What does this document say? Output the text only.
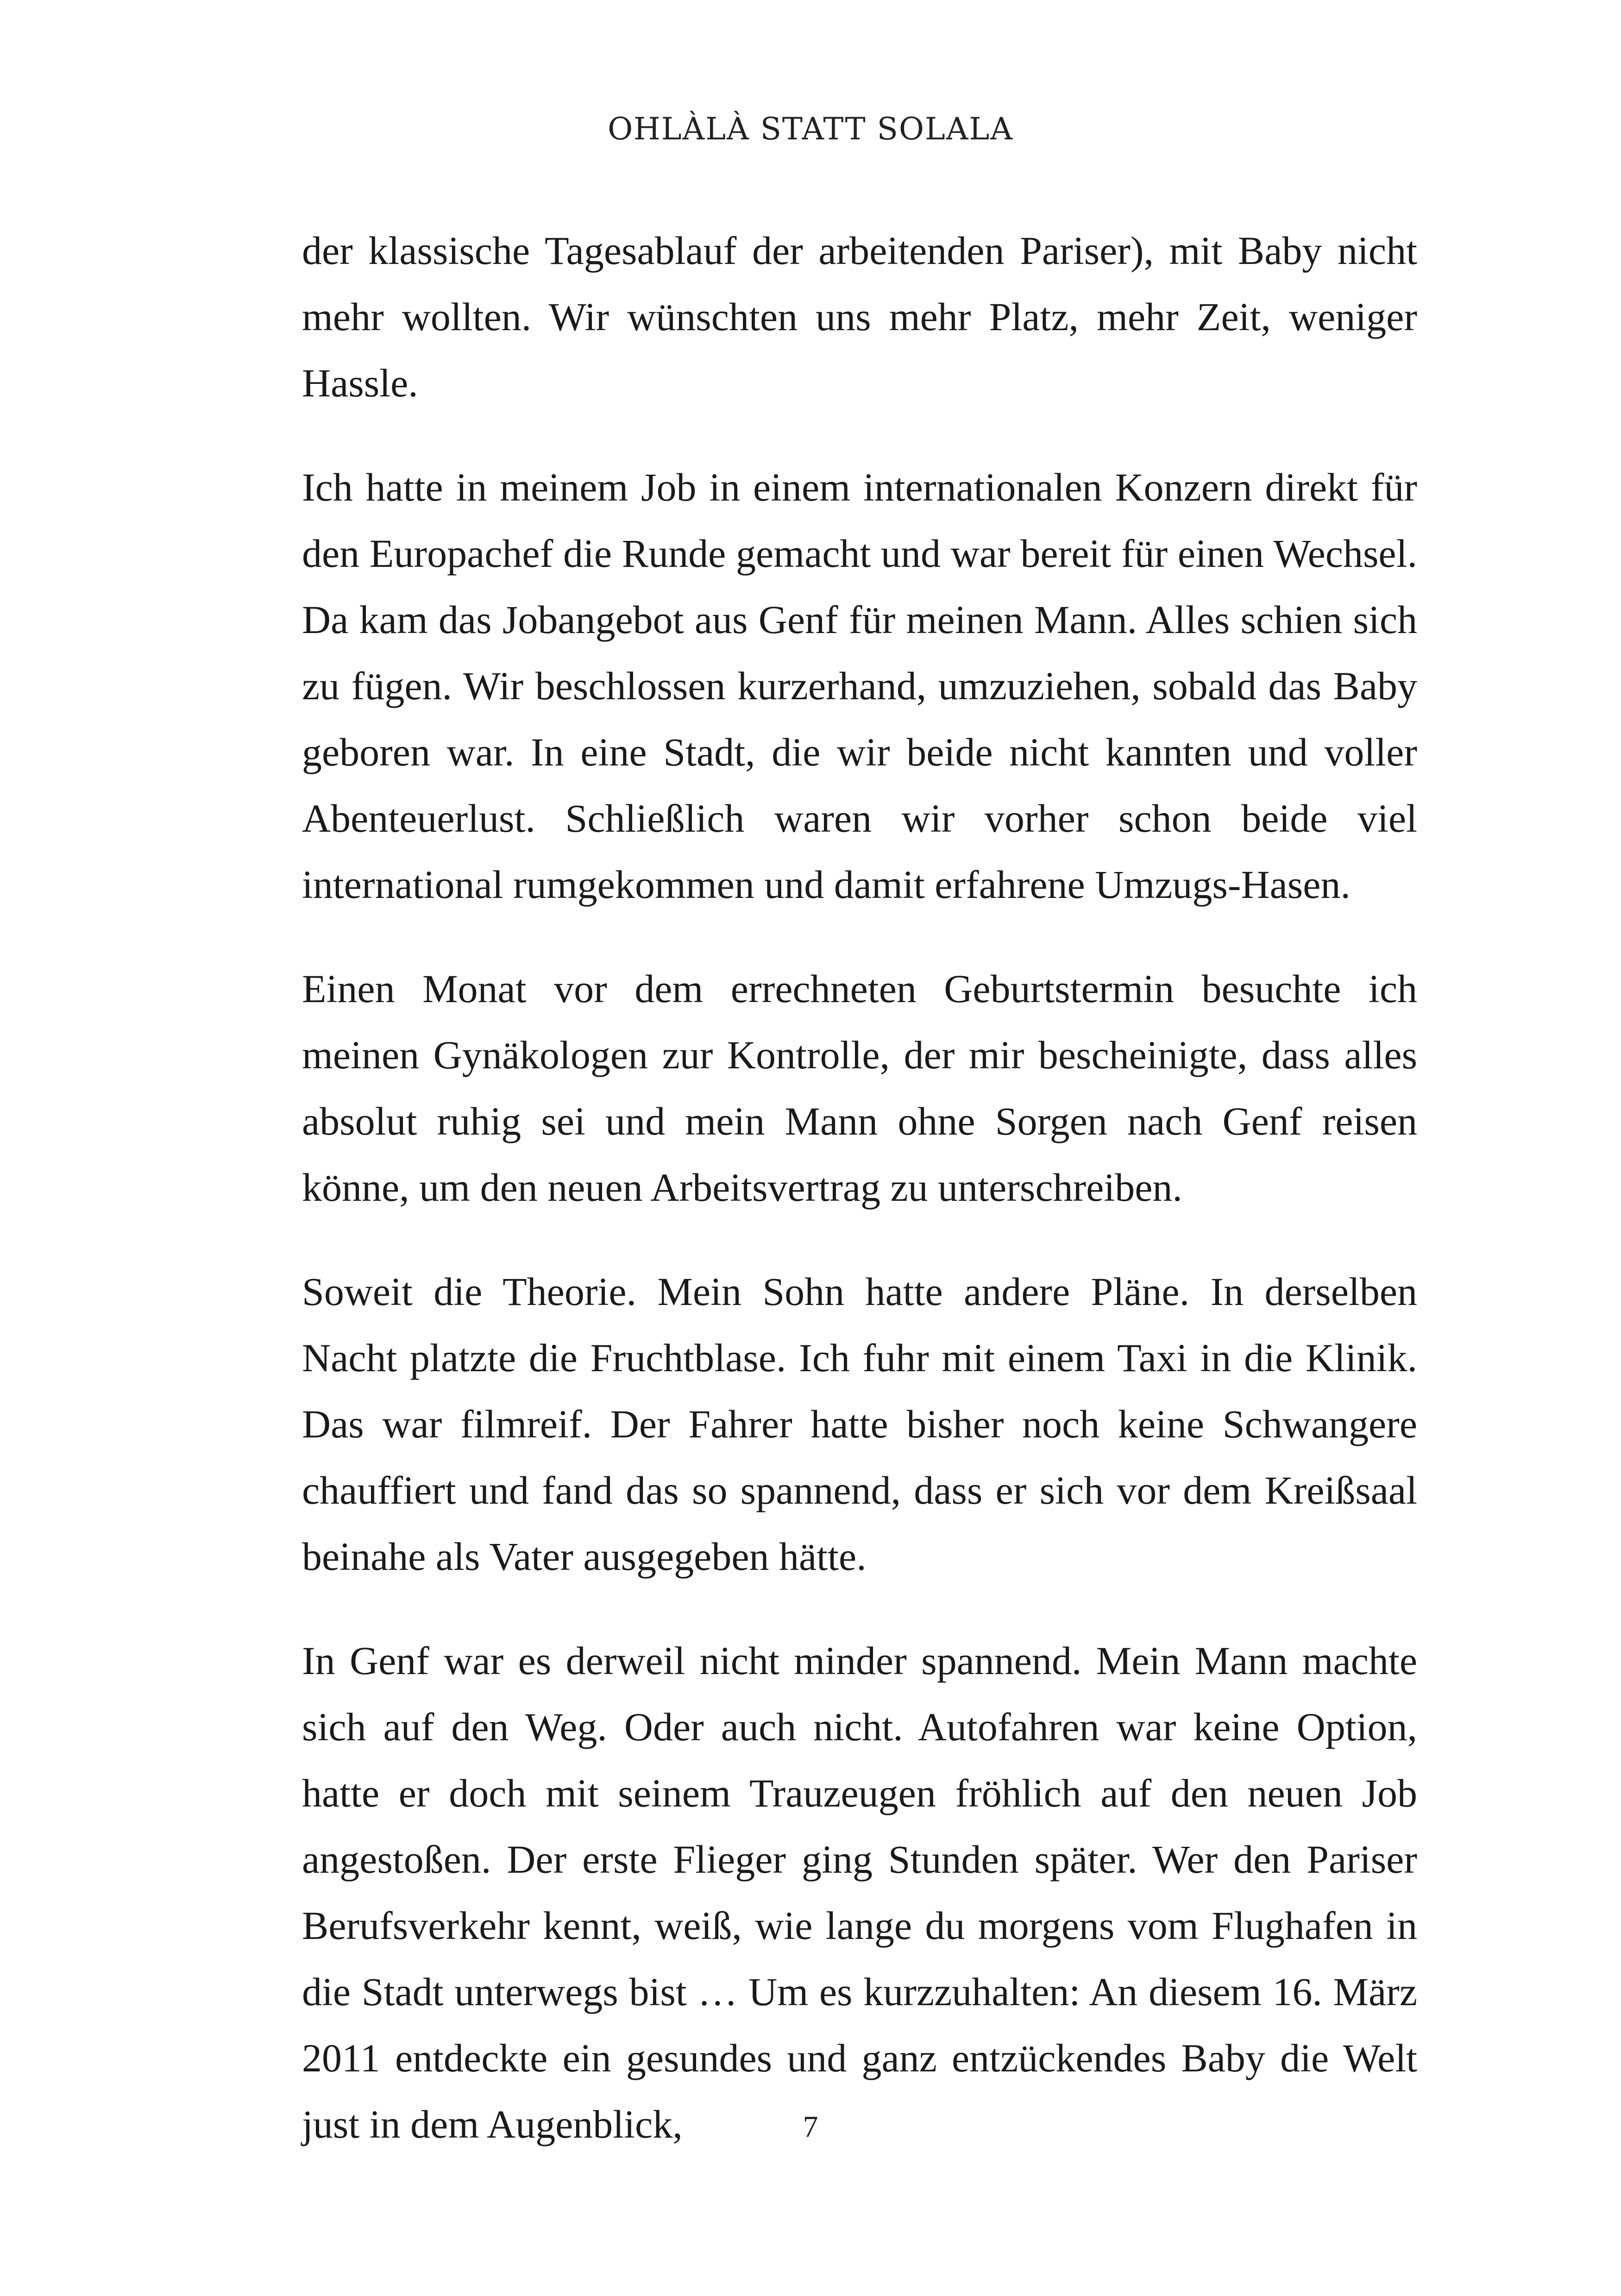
OHLÀLÀ STATT SOLALA

der klassische Tagesablauf der arbeitenden Pariser), mit Baby nicht mehr wollten. Wir wünschten uns mehr Platz, mehr Zeit, weniger Hassle.

Ich hatte in meinem Job in einem internationalen Konzern direkt für den Europachef die Runde gemacht und war bereit für einen Wechsel. Da kam das Jobangebot aus Genf für meinen Mann. Alles schien sich zu fügen. Wir beschlossen kurzerhand, umzuziehen, sobald das Baby geboren war. In eine Stadt, die wir beide nicht kannten und voller Abenteuerlust. Schließlich waren wir vorher schon beide viel international rumgekommen und damit erfahrene Umzugs-Hasen.

Einen Monat vor dem errechneten Geburtstermin besuchte ich meinen Gynäkologen zur Kontrolle, der mir bescheinigte, dass alles absolut ruhig sei und mein Mann ohne Sorgen nach Genf reisen könne, um den neuen Arbeitsvertrag zu unterschreiben.

Soweit die Theorie. Mein Sohn hatte andere Pläne. In derselben Nacht platzte die Fruchtblase. Ich fuhr mit einem Taxi in die Klinik. Das war filmreif. Der Fahrer hatte bisher noch keine Schwangere chauffiert und fand das so spannend, dass er sich vor dem Kreißsaal beinahe als Vater ausgegeben hätte.

In Genf war es derweil nicht minder spannend. Mein Mann machte sich auf den Weg. Oder auch nicht. Autofahren war keine Option, hatte er doch mit seinem Trauzeugen fröhlich auf den neuen Job angestoßen. Der erste Flieger ging Stunden später. Wer den Pariser Berufsverkehr kennt, weiß, wie lange du morgens vom Flughafen in die Stadt unterwegs bist … Um es kurzzuhalten: An diesem 16. März 2011 entdeckte ein gesundes und ganz entzückendes Baby die Welt just in dem Augenblick,	7
